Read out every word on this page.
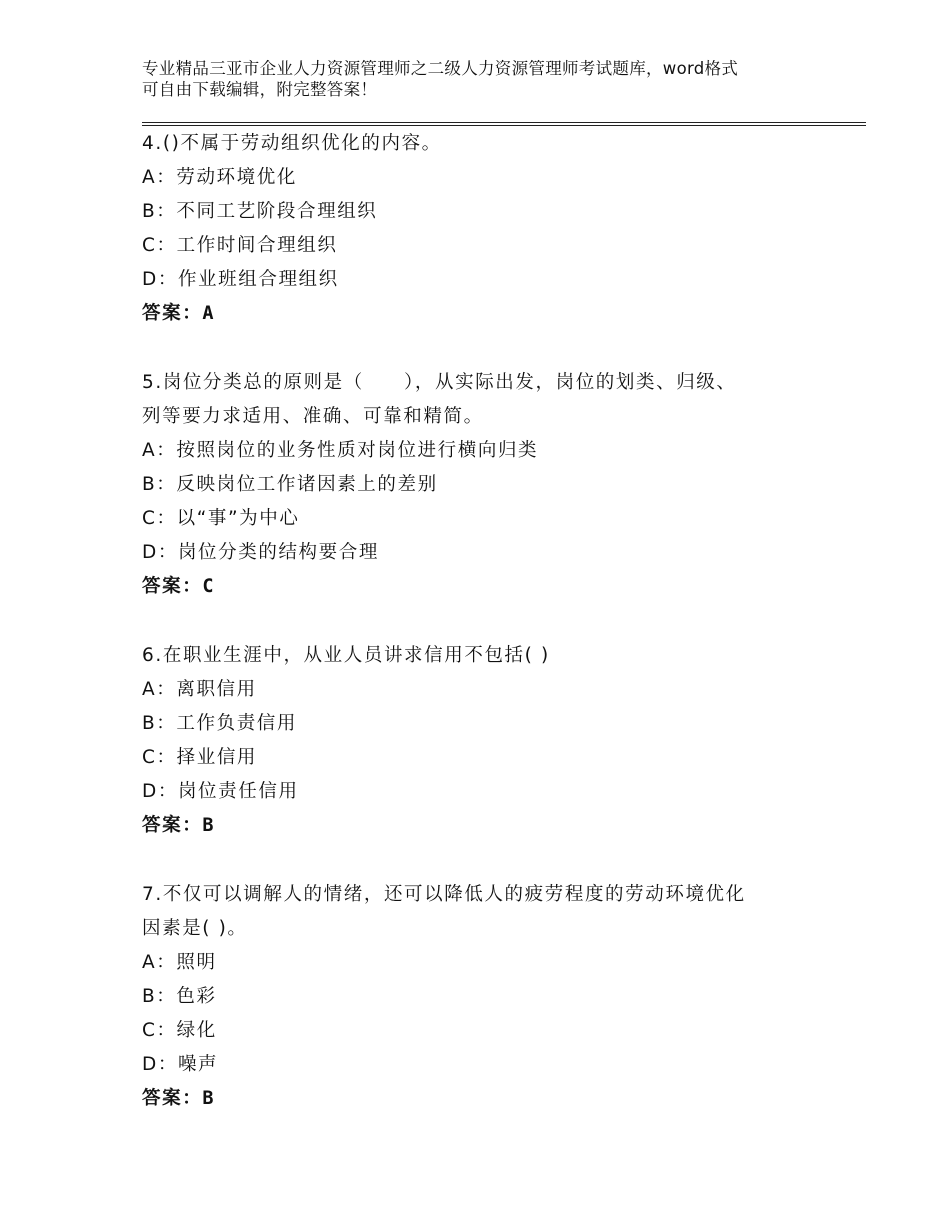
专业精品三亚市企业人力资源管理师之二级人力资源管理师考试题库，word格式
可自由下载编辑，附完整答案！
4.()不属于劳动组织优化的内容。
A：劳动环境优化
B：不同工艺阶段合理组织
C：工作时间合理组织
D：作业班组合理组织
答案：A
5.岗位分类总的原则是（　　），从实际出发，岗位的划类、归级、
列等要力求适用、准确、可靠和精简。
A：按照岗位的业务性质对岗位进行横向归类
B：反映岗位工作诸因素上的差别
C：以“事”为中心
D：岗位分类的结构要合理
答案：C
6.在职业生涯中，从业人员讲求信用不包括( )
A：离职信用
B：工作负责信用
C：择业信用
D：岗位责任信用
答案：B
7.不仅可以调解人的情绪，还可以降低人的疲劳程度的劳动环境优化
因素是( )。
A：照明
B：色彩
C：绿化
D：噪声
答案：B
